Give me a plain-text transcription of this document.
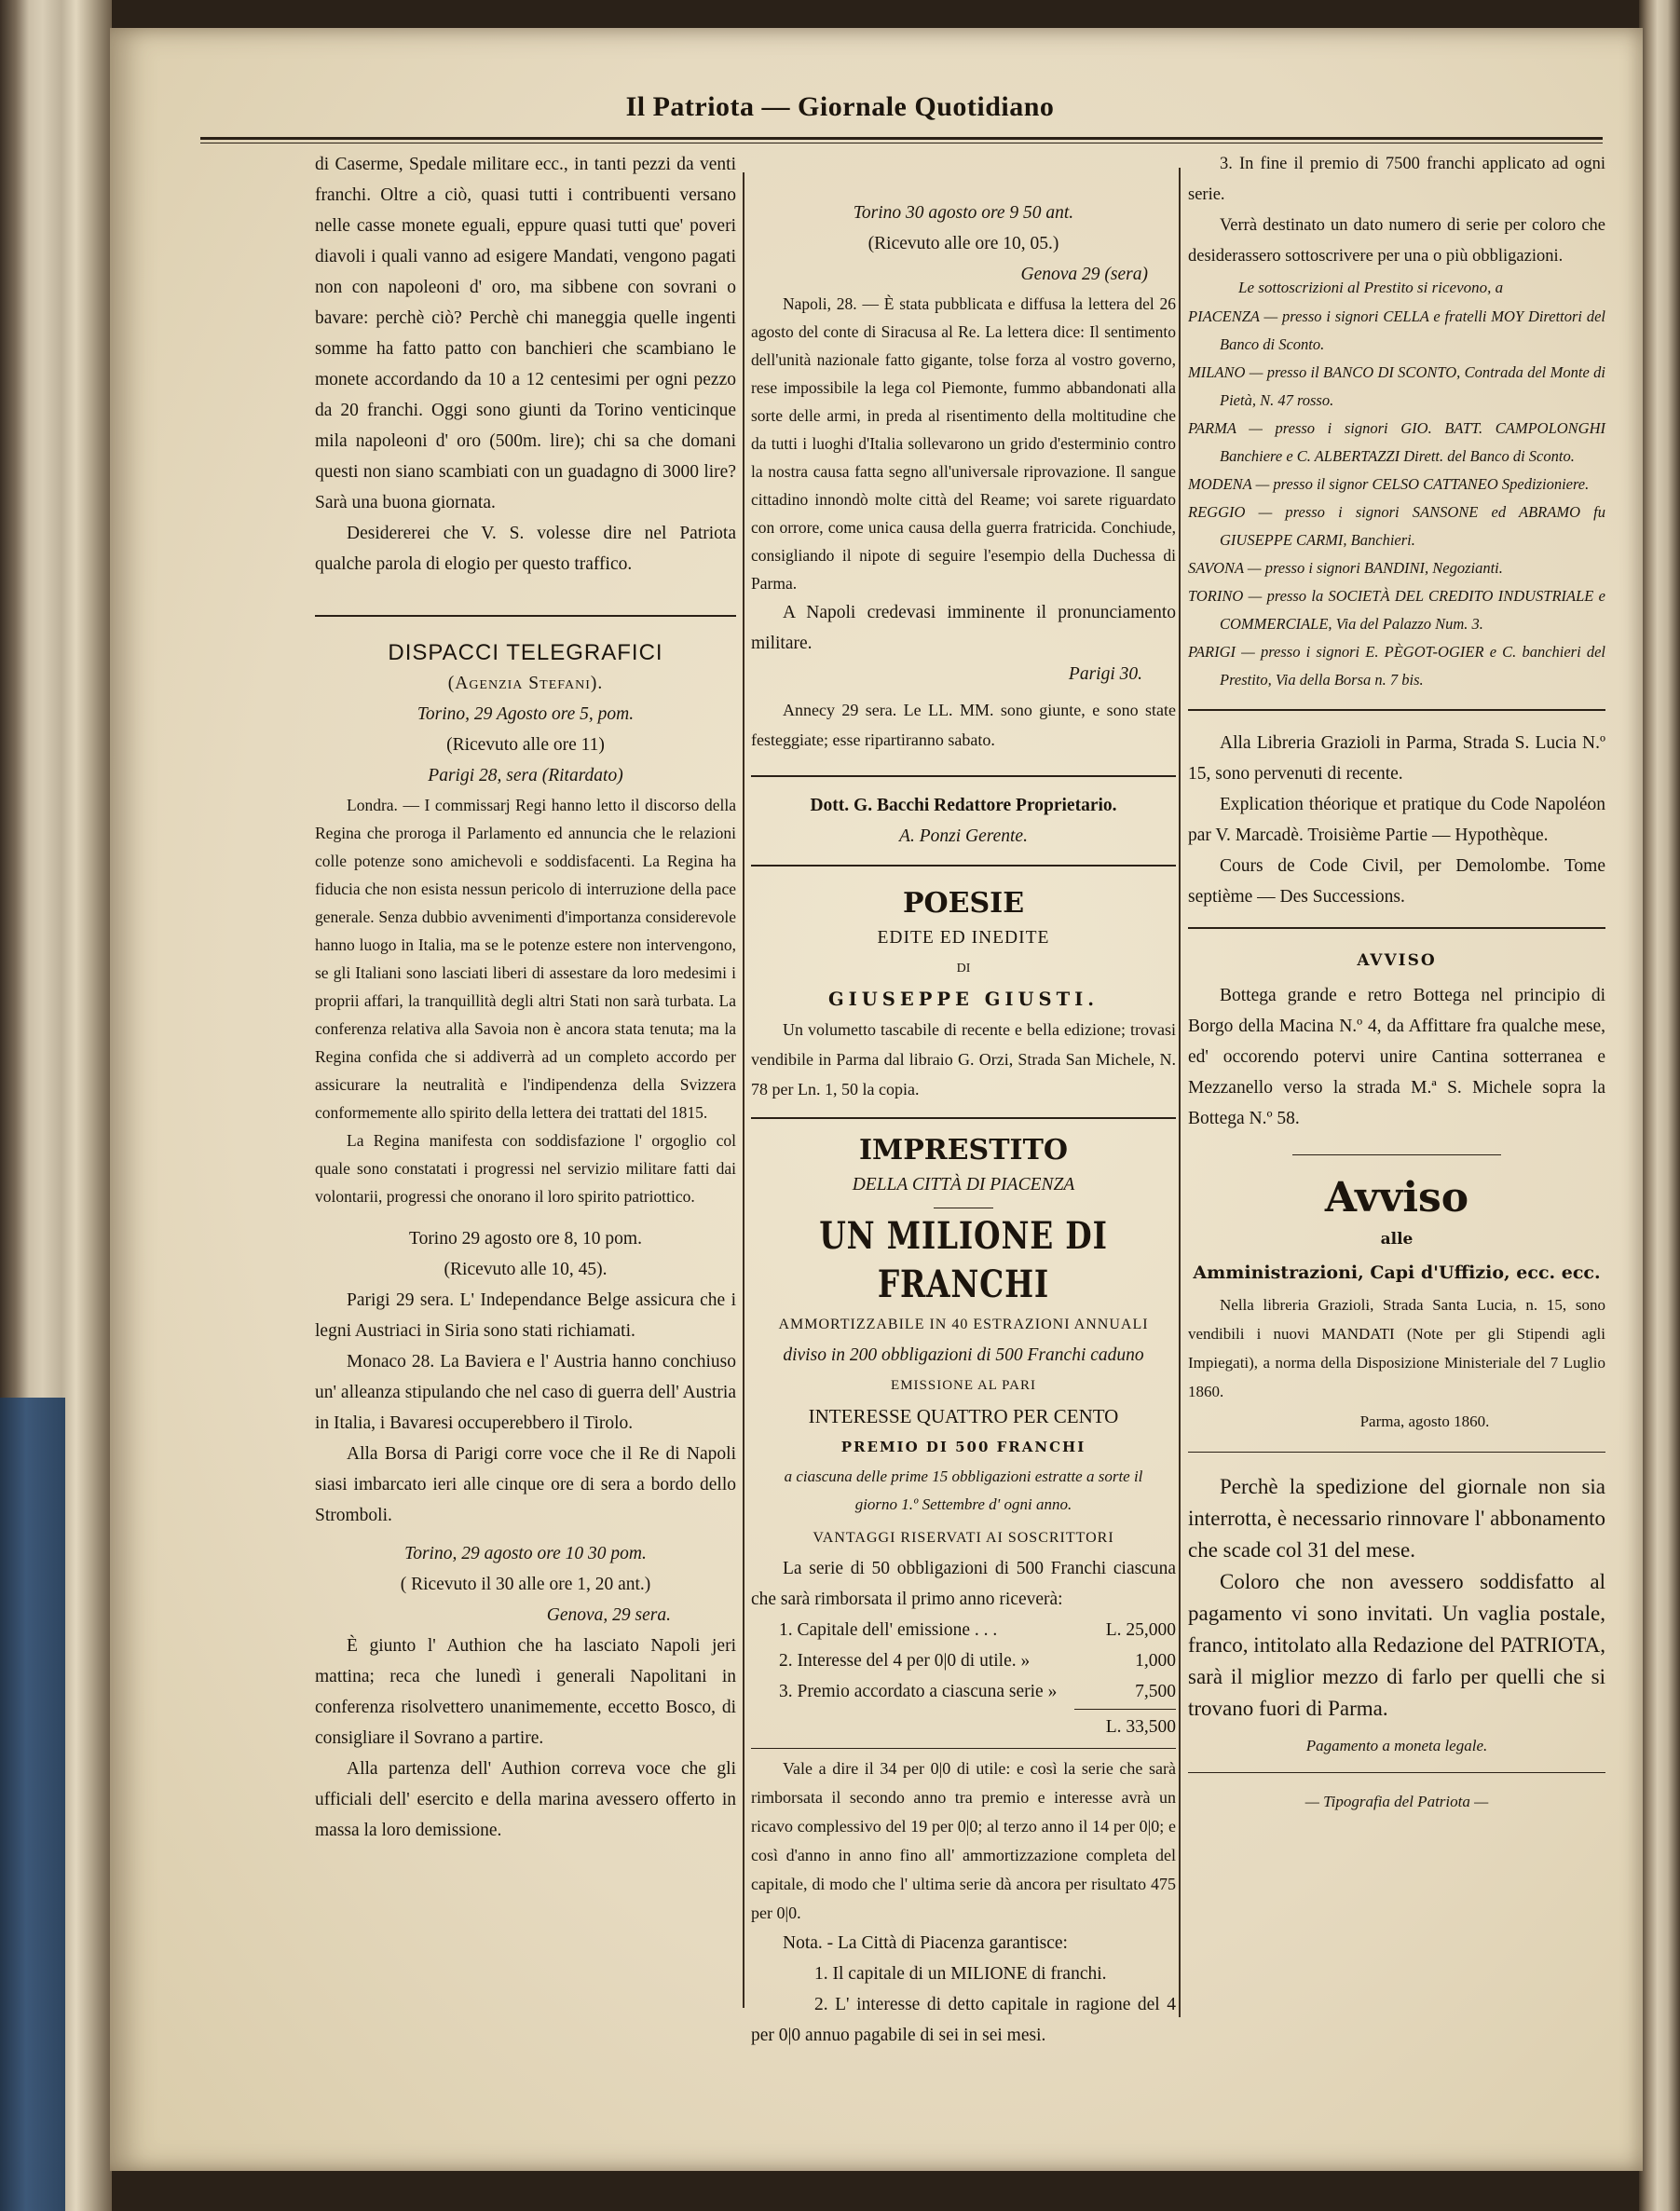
Il Patriota — Giornale Quotidiano

di Caserme, Spedale militare ecc., in tanti pezzi da venti franchi. Oltre a ciò, quasi tutti i contribuenti versano nelle casse monete eguali, eppure quasi tutti que' poveri diavoli i quali vanno ad esigere Mandati, vengono pagati non con napoleoni d' oro, ma sibbene con sovrani o bavare: perchè ciò? Perchè chi maneggia quelle ingenti somme ha fatto patto con banchieri che scambiano le monete accordando da 10 a 12 centesimi per ogni pezzo da 20 franchi. Oggi sono giunti da Torino venticinque mila napoleoni d' oro (500m. lire); chi sa che domani questi non siano scambiati con un guadagno di 3000 lire? Sarà una buona giornata.

Desidererei che V. S. volesse dire nel Patriota qualche parola di elogio per questo traffico.

DISPACCI TELEGRAFICI

(Agenzia Stefani).

Torino, 29 Agosto ore 5, pom.

(Ricevuto alle ore 11)

Parigi 28, sera (Ritardato)

Londra. — I commissarj Regi hanno letto il discorso della Regina che proroga il Parlamento ed annuncia che le relazioni colle potenze sono amichevoli e soddisfacenti. La Regina ha fiducia che non esista nessun pericolo di interruzione della pace generale. Senza dubbio avvenimenti d'importanza considerevole hanno luogo in Italia, ma se le potenze estere non intervengono, se gli Italiani sono lasciati liberi di assestare da loro medesimi i proprii affari, la tranquillità degli altri Stati non sarà turbata. La conferenza relativa alla Savoia non è ancora stata tenuta; ma la Regina confida che si addiverrà ad un completo accordo per assicurare la neutralità e l'indipendenza della Svizzera conformemente allo spirito della lettera dei trattati del 1815.

La Regina manifesta con soddisfazione l' orgoglio col quale sono constatati i progressi nel servizio militare fatti dai volontarii, progressi che onorano il loro spirito patriottico.

Torino 29 agosto ore 8, 10 pom.

(Ricevuto alle 10, 45).

Parigi 29 sera. L' Independance Belge assicura che i legni Austriaci in Siria sono stati richiamati.

Monaco 28. La Baviera e l' Austria hanno conchiuso un' alleanza stipulando che nel caso di guerra dell' Austria in Italia, i Bavaresi occuperebbero il Tirolo.

Alla Borsa di Parigi corre voce che il Re di Napoli siasi imbarcato ieri alle cinque ore di sera a bordo dello Stromboli.

Torino, 29 agosto ore 10 30 pom.

( Ricevuto il 30 alle ore 1, 20 ant.)

Genova, 29 sera.

È giunto l' Authion che ha lasciato Napoli jeri mattina; reca che lunedì i generali Napolitani in conferenza risolvettero unanimemente, eccetto Bosco, di consigliare il Sovrano a partire.

Alla partenza dell' Authion correva voce che gli ufficiali dell' esercito e della marina avessero offerto in massa la loro demissione.

Torino 30 agosto ore 9 50 ant.

(Ricevuto alle ore 10, 05.)

Genova 29 (sera)

Napoli, 28. — È stata pubblicata e diffusa la lettera del 26 agosto del conte di Siracusa al Re. La lettera dice: Il sentimento dell'unità nazionale fatto gigante, tolse forza al vostro governo, rese impossibile la lega col Piemonte, fummo abbandonati alla sorte delle armi, in preda al risentimento della moltitudine che da tutti i luoghi d'Italia sollevarono un grido d'esterminio contro la nostra causa fatta segno all'universale riprovazione. Il sangue cittadino innondò molte città del Reame; voi sarete riguardato con orrore, come unica causa della guerra fratricida. Conchiude, consigliando il nipote di seguire l'esempio della Duchessa di Parma.

A Napoli credevasi imminente il pronunciamento militare.

Parigi 30.

Annecy 29 sera. Le LL. MM. sono giunte, e sono state festeggiate; esse ripartiranno sabato.

Dott. G. Bacchi Redattore Proprietario.

A. Ponzi Gerente.

POESIE

EDITE ED INEDITE

DI

GIUSEPPE GIUSTI.

Un volumetto tascabile di recente e bella edizione; trovasi vendibile in Parma dal libraio G. Orzi, Strada San Michele, N. 78 per Ln. 1, 50 la copia.

IMPRESTITO

DELLA CITTÀ DI PIACENZA

UN MILIONE DI FRANCHI

AMMORTIZZABILE IN 40 ESTRAZIONI ANNUALI

diviso in 200 obbligazioni di 500 Franchi caduno

EMISSIONE AL PARI

INTERESSE QUATTRO PER CENTO

PREMIO DI 500 FRANCHI

a ciascuna delle prime 15 obbligazioni estratte a sorte il giorno 1.º Settembre d' ogni anno.

VANTAGGI RISERVATI AI SOSCRITTORI

La serie di 50 obbligazioni di 500 Franchi ciascuna che sarà rimborsata il primo anno riceverà:

1. Capitale dell' emissione . . .	L. 25,000
2. Interesse del 4 per 0|0 di utile. »	1,000
3. Premio accordato a ciascuna serie »	7,500

L. 33,500

Vale a dire il 34 per 0|0 di utile: e così la serie che sarà rimborsata il secondo anno tra premio e interesse avrà un ricavo complessivo del 19 per 0|0; al terzo anno il 14 per 0|0; e così d'anno in anno fino all' ammortizzazione completa del capitale, di modo che l' ultima serie dà ancora per risultato 475 per 0|0.

Nota. - La Città di Piacenza garantisce:

1. Il capitale di un MILIONE di franchi.

2. L' interesse di detto capitale in ragione del 4 per 0|0 annuo pagabile di sei in sei mesi.

3. In fine il premio di 7500 franchi applicato ad ogni serie.

Verrà destinato un dato numero di serie per coloro che desiderassero sottoscrivere per una o più obbligazioni.

Le sottoscrizioni al Prestito si ricevono, a

PIACENZA — presso i signori CELLA e fratelli MOY Direttori del Banco di Sconto.

MILANO — presso il BANCO DI SCONTO, Contrada del Monte di Pietà, N. 47 rosso.

PARMA — presso i signori GIO. BATT. CAMPOLONGHI Banchiere e C. ALBERTAZZI Dirett. del Banco di Sconto.

MODENA — presso il signor CELSO CATTANEO Spedizioniere.

REGGIO — presso i signori SANSONE ed ABRAMO fu GIUSEPPE CARMI, Banchieri.

SAVONA — presso i signori BANDINI, Negozianti.

TORINO — presso la SOCIETÀ DEL CREDITO INDUSTRIALE e COMMERCIALE, Via del Palazzo Num. 3.

PARIGI — presso i signori E. PÈGOT-OGIER e C. banchieri del Prestito, Via della Borsa n. 7 bis.

Alla Libreria Grazioli in Parma, Strada S. Lucia N.º 15, sono pervenuti di recente.

Explication théorique et pratique du Code Napoléon par V. Marcadè. Troisième Partie — Hypothèque.

Cours de Code Civil, per Demolombe. Tome septième — Des Successions.

AVVISO

Bottega grande e retro Bottega nel principio di Borgo della Macina N.º 4, da Affittare fra qualche mese, ed' occorendo potervi unire Cantina sotterranea e Mezzanello verso la strada M.ª S. Michele sopra la Bottega N.º 58.

Avviso

alle

Amministrazioni, Capi d'Uffizio, ecc. ecc.

Nella libreria Grazioli, Strada Santa Lucia, n. 15, sono vendibili i nuovi MANDATI (Note per gli Stipendi agli Impiegati), a norma della Disposizione Ministeriale del 7 Luglio 1860.

Parma, agosto 1860.

Perchè la spedizione del giornale non sia interrotta, è necessario rinnovare l' abbonamento che scade col 31 del mese.

Coloro che non avessero soddisfatto al pagamento vi sono invitati. Un vaglia postale, franco, intitolato alla Redazione del PATRIOTA, sarà il miglior mezzo di farlo per quelli che si trovano fuori di Parma.

Pagamento a moneta legale.

— Tipografia del Patriota —
